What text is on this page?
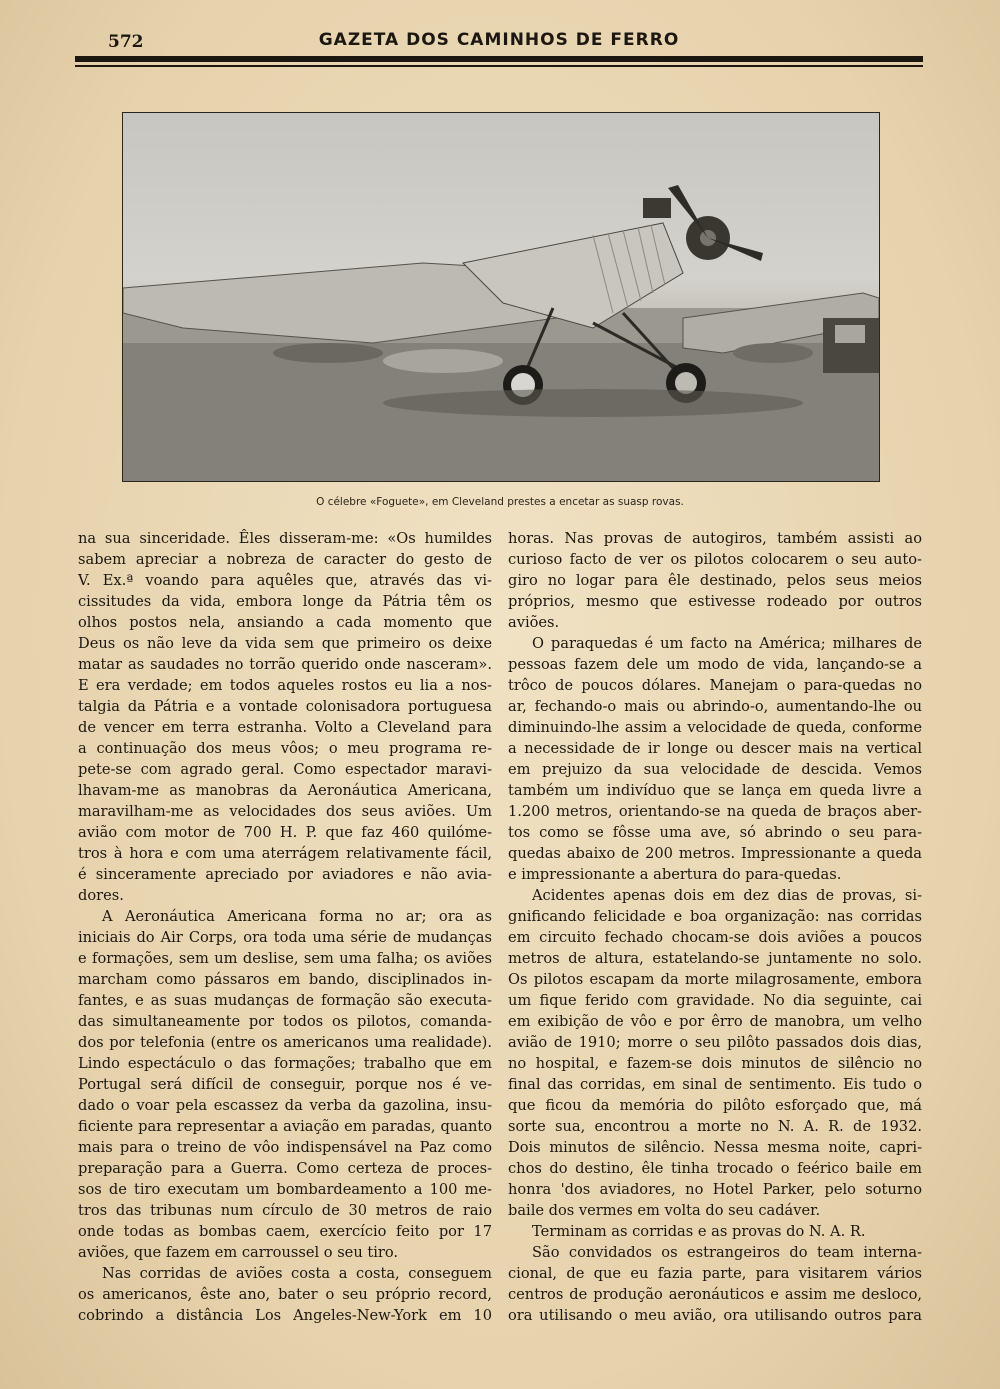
572	GAZETA DOS CAMINHOS DE FERRO
O célebre «Foguete», em Cleveland prestes a encetar as suasp rovas.
na sua sinceridade. Êles disseram-me: «Os humildes
sabem apreciar a nobreza de caracter do gesto de
V. Ex.ª voando para aquêles que, através das vi-
cissitudes da vida, embora longe da Pátria têm os
olhos postos nela, ansiando a cada momento que
Deus os não leve da vida sem que primeiro os deixe
matar as saudades no torrão querido onde nasceram».
E era verdade; em todos aqueles rostos eu lia a nos-
talgia da Pátria e a vontade colonisadora portuguesa
de vencer em terra estranha. Volto a Cleveland para
a continuação dos meus vôos; o meu programa re-
pete-se com agrado geral. Como espectador maravi-
lhavam-me as manobras da Aeronáutica Americana,
maravilham-me as velocidades dos seus aviões. Um
avião com motor de 700 H. P. que faz 460 quilóme-
tros à hora e com uma aterrágem relativamente fácil,
é sinceramente apreciado por aviadores e não avia-
dores.
A Aeronáutica Americana forma no ar; ora as
iniciais do Air Corps, ora toda uma série de mudanças
e formações, sem um deslise, sem uma falha; os aviões
marcham como pássaros em bando, disciplinados in-
fantes, e as suas mudanças de formação são executa-
das simultaneamente por todos os pilotos, comanda-
dos por telefonia (entre os americanos uma realidade).
Lindo espectáculo o das formações; trabalho que em
Portugal será difícil de conseguir, porque nos é ve-
dado o voar pela escassez da verba da gazolina, insu-
ficiente para representar a aviação em paradas, quanto
mais para o treino de vôo indispensável na Paz como
preparação para a Guerra. Como certeza de proces-
sos de tiro executam um bombardeamento a 100 me-
tros das tribunas num círculo de 30 metros de raio
onde todas as bombas caem, exercício feito por 17
aviões, que fazem em carroussel o seu tiro.
Nas corridas de aviões costa a costa, conseguem
os americanos, êste ano, bater o seu próprio record,
cobrindo a distância Los Angeles-New-York em 10
horas. Nas provas de autogiros, também assisti ao
curioso facto de ver os pilotos colocarem o seu auto-
giro no logar para êle destinado, pelos seus meios
próprios, mesmo que estivesse rodeado por outros
aviões.
O paraquedas é um facto na América; milhares de
pessoas fazem dele um modo de vida, lançando-se a
trôco de poucos dólares. Manejam o para-quedas no
ar, fechando-o mais ou abrindo-o, aumentando-lhe ou
diminuindo-lhe assim a velocidade de queda, conforme
a necessidade de ir longe ou descer mais na vertical
em prejuizo da sua velocidade de descida. Vemos
também um indivíduo que se lança em queda livre a
1.200 metros, orientando-se na queda de braços aber-
tos como se fôsse uma ave, só abrindo o seu para-
quedas abaixo de 200 metros. Impressionante a queda
e impressionante a abertura do para-quedas.
Acidentes apenas dois em dez dias de provas, si-
gnificando felicidade e boa organização: nas corridas
em circuito fechado chocam-se dois aviões a poucos
metros de altura, estatelando-se juntamente no solo.
Os pilotos escapam da morte milagrosamente, embora
um fique ferido com gravidade. No dia seguinte, cai
em exibição de vôo e por êrro de manobra, um velho
avião de 1910; morre o seu pilôto passados dois dias,
no hospital, e fazem-se dois minutos de silêncio no
final das corridas, em sinal de sentimento. Eis tudo o
que ficou da memória do pilôto esforçado que, má
sorte sua, encontrou a morte no N. A. R. de 1932.
Dois minutos de silêncio. Nessa mesma noite, capri-
chos do destino, êle tinha trocado o feérico baile em
honra 'dos aviadores, no Hotel Parker, pelo soturno
baile dos vermes em volta do seu cadáver.
Terminam as corridas e as provas do N. A. R.
São convidados os estrangeiros do team interna-
cional, de que eu fazia parte, para visitarem vários
centros de produção aeronáuticos e assim me desloco,
ora utilisando o meu avião, ora utilisando outros para
